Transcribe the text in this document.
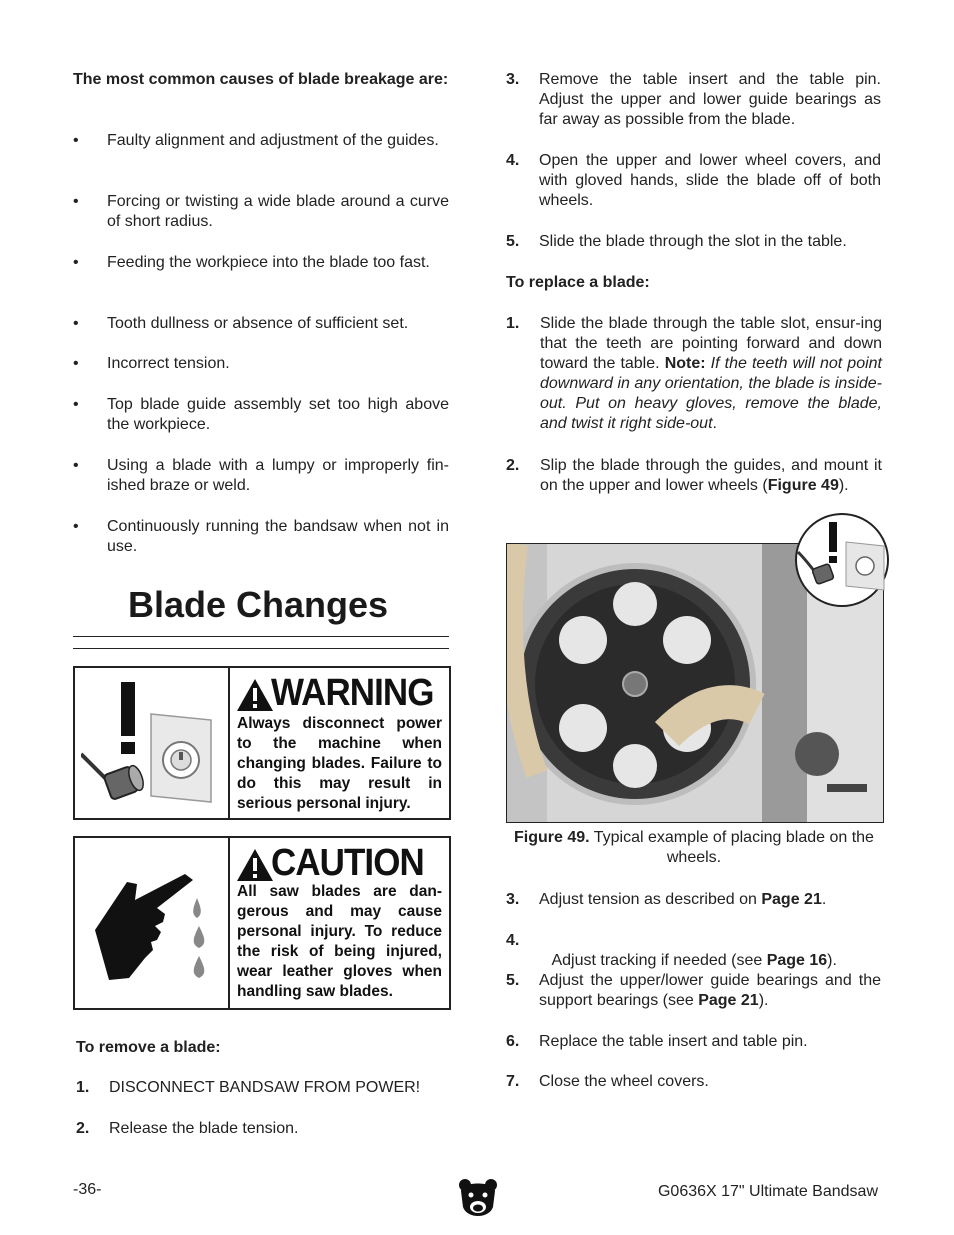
The most common causes of blade breakage are:
• Faulty alignment and adjustment of the guides.
• Forcing or twisting a wide blade around a curve of short radius.
• Feeding the workpiece into the blade too fast.
• Tooth dullness or absence of sufficient set.
• Incorrect tension.
• Top blade guide assembly set too high above the workpiece.
• Using a blade with a lumpy or improperly fin-ished braze or weld.
• Continuously running the bandsaw when not in use.
Blade Changes
WARNING
Always disconnect power to the machine when changing blades. Failure to do this may result in serious personal injury.
CAUTION
All saw blades are dan-gerous and may cause personal injury. To reduce the risk of being injured, wear leather gloves when handling saw blades.
To remove a blade:
1. DISCONNECT BANDSAW FROM POWER!
2. Release the blade tension.
3. Remove the table insert and the table pin. Adjust the upper and lower guide bearings as far away as possible from the blade.
4. Open the upper and lower wheel covers, and with gloved hands, slide the blade off of both wheels.
5. Slide the blade through the slot in the table.
To replace a blade:
1. Slide the blade through the table slot, ensur-ing that the teeth are pointing forward and down toward the table. Note: If the teeth will not point downward in any orientation, the blade is inside-out. Put on heavy gloves, remove the blade, and twist it right side-out.
2. Slip the blade through the guides, and mount it on the upper and lower wheels (Figure 49).
Figure 49. Typical example of placing blade on the wheels.
3. Adjust tension as described on Page 21.
4.

Adjust tracking if needed (see Page 16).

5. Adjust the upper/lower guide bearings and the support bearings (see Page 21).
6. Replace the table insert and table pin.
7. Close the wheel covers.
-36-	G0636X 17" Ultimate Bandsaw
